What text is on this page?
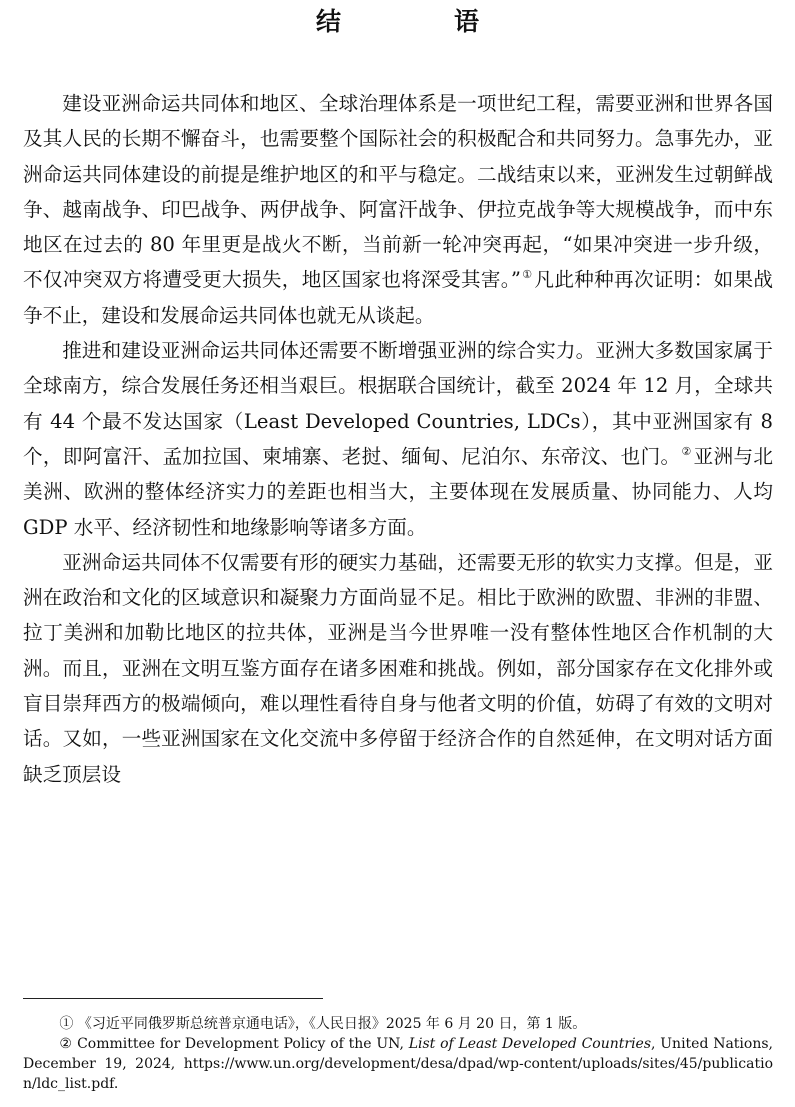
结　语

建设亚洲命运共同体和地区、全球治理体系是一项世纪工程，需要亚洲和世界各国及其人民的长期不懈奋斗，也需要整个国际社会的积极配合和共同努力。急事先办，亚洲命运共同体建设的前提是维护地区的和平与稳定。二战结束以来，亚洲发生过朝鲜战争、越南战争、印巴战争、两伊战争、阿富汗战争、伊拉克战争等大规模战争，而中东地区在过去的 80 年里更是战火不断，当前新一轮冲突再起，“如果冲突进一步升级，不仅冲突双方将遭受更大损失，地区国家也将深受其害。”① 凡此种种再次证明：如果战争不止，建设和发展命运共同体也就无从谈起。

推进和建设亚洲命运共同体还需要不断增强亚洲的综合实力。亚洲大多数国家属于全球南方，综合发展任务还相当艰巨。根据联合国统计，截至 2024 年 12 月，全球共有 44 个最不发达国家（Least Developed Countries, LDCs），其中亚洲国家有 8 个，即阿富汗、孟加拉国、柬埔寨、老挝、缅甸、尼泊尔、东帝汶、也门。② 亚洲与北美洲、欧洲的整体经济实力的差距也相当大，主要体现在发展质量、协同能力、人均 GDP 水平、经济韧性和地缘影响等诸多方面。

亚洲命运共同体不仅需要有形的硬实力基础，还需要无形的软实力支撑。但是，亚洲在政治和文化的区域意识和凝聚力方面尚显不足。相比于欧洲的欧盟、非洲的非盟、拉丁美洲和加勒比地区的拉共体，亚洲是当今世界唯一没有整体性地区合作机制的大洲。而且，亚洲在文明互鉴方面存在诸多困难和挑战。例如，部分国家存在文化排外或盲目崇拜西方的极端倾向，难以理性看待自身与他者文明的价值，妨碍了有效的文明对话。又如，一些亚洲国家在文化交流中多停留于经济合作的自然延伸，在文明对话方面缺乏顶层设

① 《习近平同俄罗斯总统普京通电话》，《人民日报》2025 年 6 月 20 日，第 1 版。

② Committee for Development Policy of the UN, List of Least Developed Countries, United Nations, December 19, 2024, https://www.un.org/development/desa/dpad/wp-content/uploads/sites/45/publication/ldc_list.pdf.
